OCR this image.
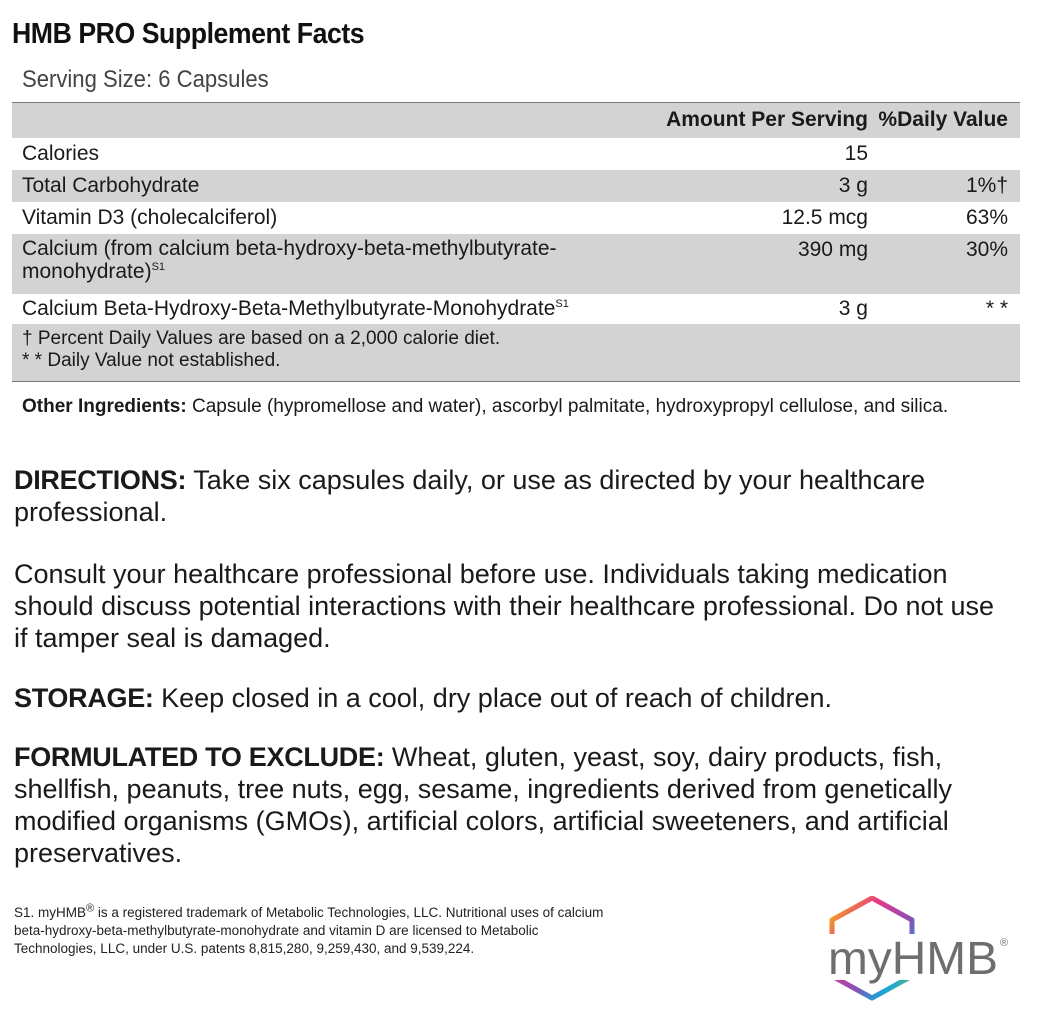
HMB PRO Supplement Facts
Serving Size: 6 Capsules
Amount Per Serving %Daily Value
Calories	15
Total Carbohydrate	3 g	1%†
Vitamin D3 (cholecalciferol)	12.5 mcg	63%
Calcium (from calcium beta-hydroxy-beta-methylbutyrate-
monohydrate)$^{S1}$
390 mg	30%
Calcium Beta-Hydroxy-Beta-Methylbutyrate-Monohydrate$^{S1}$	3 g	* *
† Percent Daily Values are based on a 2,000 calorie diet.
* * Daily Value not established.
Other Ingredients: Capsule (hypromellose and water), ascorbyl palmitate, hydroxypropyl cellulose, and silica.
DIRECTIONS: Take six capsules daily, or use as directed by your healthcare professional.
Consult your healthcare professional before use. Individuals taking medication should discuss potential interactions with their healthcare professional. Do not use if tamper seal is damaged.
STORAGE: Keep closed in a cool, dry place out of reach of children.
FORMULATED TO EXCLUDE: Wheat, gluten, yeast, soy, dairy products, fish, shellfish, peanuts, tree nuts, egg, sesame, ingredients derived from genetically modified organisms (GMOs), artificial colors, artificial sweeteners, and artificial preservatives.
S1. myHMB® is a registered trademark of Metabolic Technologies, LLC. Nutritional uses of calcium beta-hydroxy-beta-methylbutyrate-monohydrate and vitamin D are licensed to Metabolic Technologies, LLC, under U.S. patents 8,815,280, 9,259,430, and 9,539,224.	myHMB ®
